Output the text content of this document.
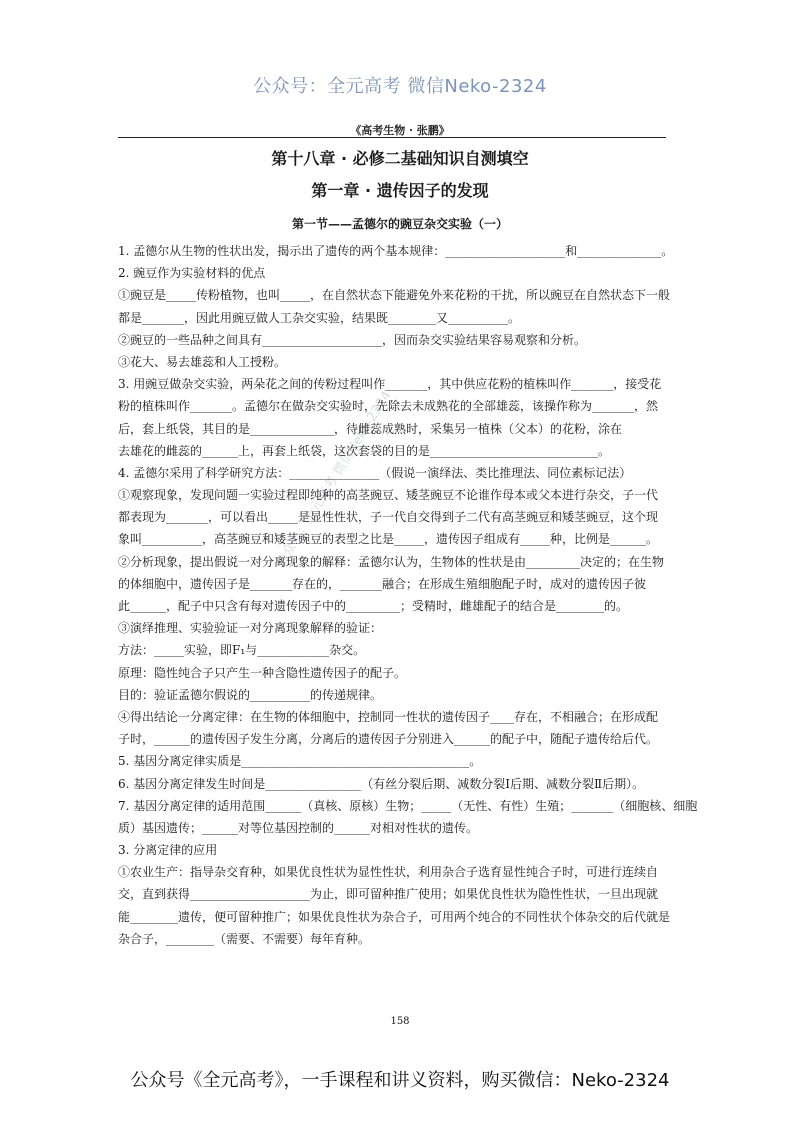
公众号：全元高考 微信Neko-2324
《高考生物 · 张鹏》
第十八章 · 必修二基础知识自测填空
第一章 · 遗传因子的发现
第一节——孟德尔的豌豆杂交实验（一）
公众号：全元高考 微信Neko-2324
1. 孟德尔从生物的性状出发，揭示出了遗传的两个基本规律：____________________和______________。
2. 豌豆作为实验材料的优点
①豌豆是_____传粉植物，也叫_____，在自然状态下能避免外来花粉的干扰，所以豌豆在自然状态下一般
都是_______，因此用豌豆做人工杂交实验，结果既________又__________。
②豌豆的一些品种之间具有____________________，因而杂交实验结果容易观察和分析。
③花大、易去雄蕊和人工授粉。
3. 用豌豆做杂交实验，两朵花之间的传粉过程叫作_______，其中供应花粉的植株叫作_______，接受花
粉的植株叫作_______。孟德尔在做杂交实验时，先除去未成熟花的全部雄蕊，该操作称为_______，然
后，套上纸袋，其目的是______________，待雌蕊成熟时，采集另一植株（父本）的花粉，涂在
去雄花的雌蕊的______上，再套上纸袋，这次套袋的目的是____________________________。
4. 孟德尔采用了科学研究方法：_______________（假说一演绎法、类比推理法、同位素标记法）
①观察现象，发现问题一实验过程即纯种的高茎豌豆、矮茎豌豆不论谁作母本或父本进行杂交，子一代
都表现为_______，可以看出_____是显性性状，子一代自交得到子二代有高茎豌豆和矮茎豌豆，这个现
象叫__________，高茎豌豆和矮茎豌豆的表型之比是_____，遗传因子组成有_____种，比例是______。
②分析现象，提出假说一对分离现象的解释：孟德尔认为，生物体的性状是由_________决定的；在生物
的体细胞中，遗传因子是_______存在的，_______融合；在形成生殖细胞配子时，成对的遗传因子彼
此______，配子中只含有每对遗传因子中的_________；受精时，雌雄配子的结合是________的。
③演绎推理、实验验证一对分离现象解释的验证：
方法：_____实验，即F₁与____________杂交。
原理：隐性纯合子只产生一种含隐性遗传因子的配子。
目的：验证孟德尔假说的__________的传递规律。
④得出结论一分离定律：在生物的体细胞中，控制同一性状的遗传因子____存在，不相融合；在形成配
子时，______的遗传因子发生分离，分离后的遗传因子分别进入______的配子中，随配子遗传给后代。
5. 基因分离定律实质是______________________________________。
6. 基因分离定律发生时间是________________（有丝分裂后期、减数分裂Ⅰ后期、减数分裂Ⅱ后期）。
7. 基因分离定律的适用范围______（真核、原核）生物；_____（无性、有性）生殖；_______（细胞核、细胞
质）基因遗传；______对等位基因控制的______对相对性状的遗传。
3. 分离定律的应用
①农业生产：指导杂交育种，如果优良性状为显性性状，利用杂合子选育显性纯合子时，可进行连续自
交，直到获得____________________为止，即可留种推广使用；如果优良性状为隐性性状，一旦出现就
能________遗传，便可留种推广；如果优良性状为杂合子，可用两个纯合的不同性状个体杂交的后代就是
杂合子，________（需要、不需要）每年育种。
158
公众号《全元高考》，一手课程和讲义资料，购买微信：Neko-2324
